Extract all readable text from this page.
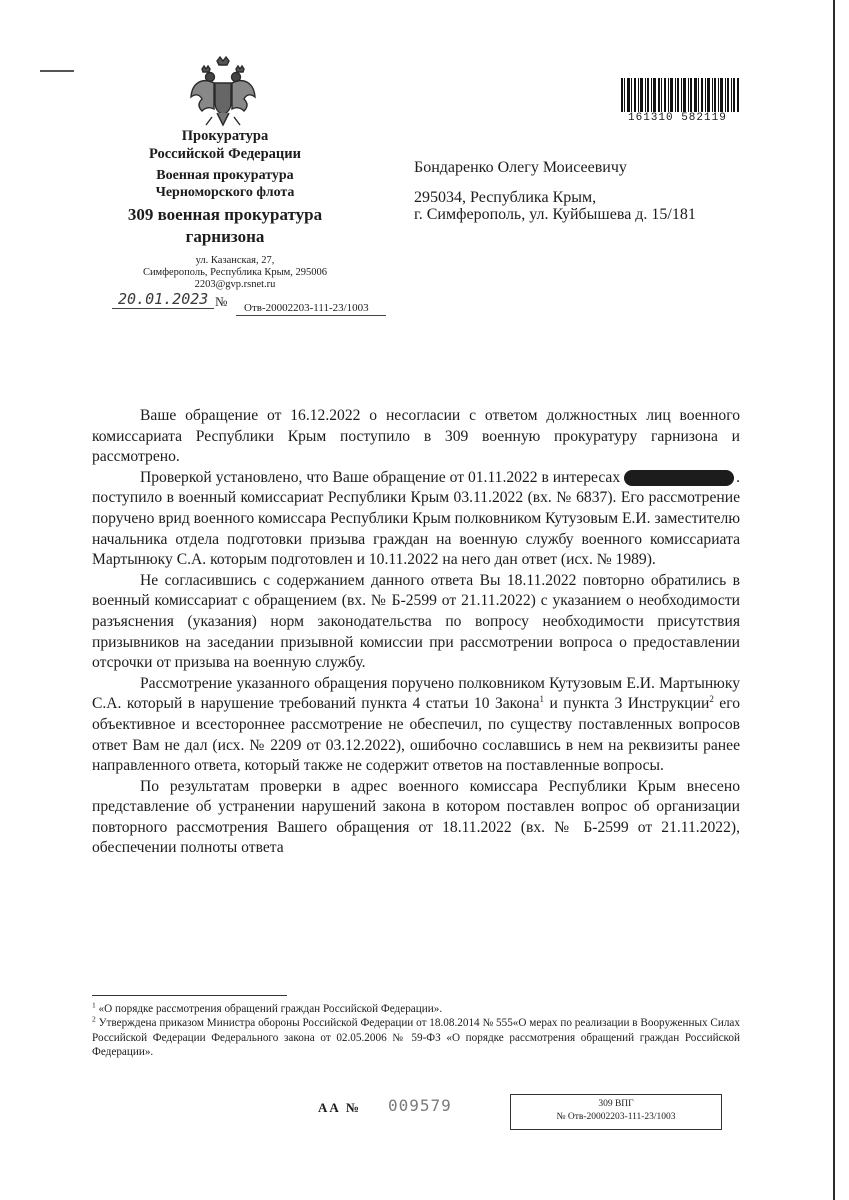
Прокуратура
Российской Федерации
Военная прокуратура
Черноморского флота
309 военная прокуратура
гарнизона
ул. Казанская, 27,
Симферополь, Республика Крым, 295006
2203@gvp.rsnet.ru
20.01.2023 № Отв-20002203-111-23/1003
161310 582119
Бондаренко Олегу Моисеевичу
295034, Республика Крым,
г. Симферополь, ул. Куйбышева д. 15/181

Ваше обращение от 16.12.2022 о несогласии с ответом должностных лиц военного комиссариата Республики Крым поступило в 309 военную прокуратуру гарнизона и рассмотрено.

Проверкой установлено, что Ваше обращение от 01.11.2022 в интересах	. поступило в военный комиссариат Республики Крым 03.11.2022 (вх. № 6837). Его рассмотрение поручено врид военного комиссара Республики Крым полковником Кутузовым Е.И. заместителю начальника отдела подготовки призыва граждан на военную службу военного комиссариата Мартынюку С.А. которым подготовлен и 10.11.2022 на него дан ответ (исх. № 1989).

Не согласившись с содержанием данного ответа Вы 18.11.2022 повторно обратились в военный комиссариат с обращением (вх. № Б-2599 от 21.11.2022) с указанием о необходимости разъяснения (указания) норм законодательства по вопросу необходимости присутствия призывников на заседании призывной комиссии при рассмотрении вопроса о предоставлении отсрочки от призыва на военную службу.

Рассмотрение указанного обращения поручено полковником Кутузовым Е.И. Мартынюку С.А. который в нарушение требований пункта 4 статьи 10 Закона$^1$ и пункта 3 Инструкции$^2$ его объективное и всестороннее рассмотрение не обеспечил, по существу поставленных вопросов ответ Вам не дал (исх. № 2209 от 03.12.2022), ошибочно сославшись в нем на реквизиты ранее направленного ответа, который также не содержит ответов на поставленные вопросы.

По результатам проверки в адрес военного комиссара Республики Крым внесено представление об устранении нарушений закона в котором поставлен вопрос об организации повторного рассмотрения Вашего обращения от 18.11.2022 (вх. № Б-2599 от 21.11.2022), обеспечении полноты ответа

$^1$ «О порядке рассмотрения обращений граждан Российской Федерации».

$^2$ Утверждена приказом Министра обороны Российской Федерации от 18.08.2014 № 555«О мерах по реализации в Вооруженных Силах Российской Федерации Федерального закона от 02.05.2006 № 59-ФЗ «О порядке рассмотрения обращений граждан Российской Федерации».

АА № 009579	309 ВПГ
№ Отв-20002203-111-23/1003
